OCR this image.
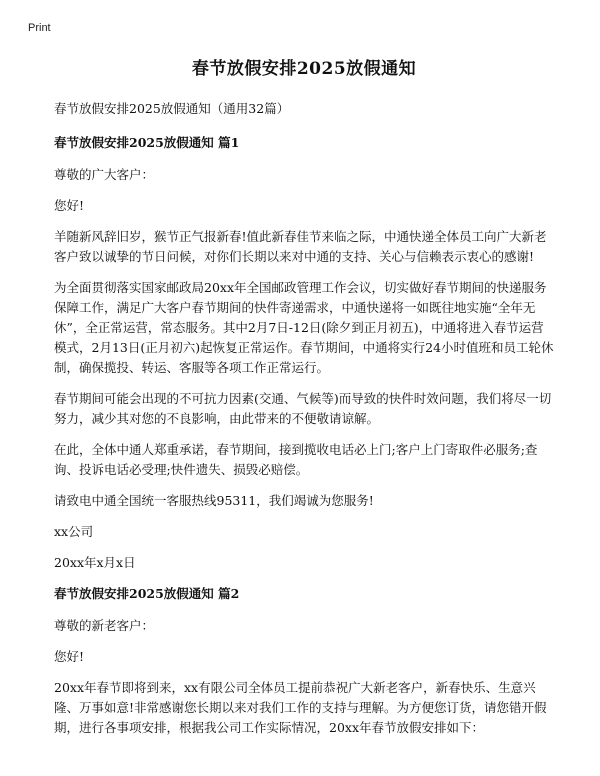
Print
春节放假安排2025放假通知
春节放假安排2025放假通知（通用32篇）
春节放假安排2025放假通知 篇1
尊敬的广大客户：
您好!
羊随新风辞旧岁，猴节正气报新春!值此新春佳节来临之际，中通快递全体员工向广大新老客户致以诚挚的节日问候，对你们长期以来对中通的支持、关心与信赖表示衷心的感谢!
为全面贯彻落实国家邮政局20xx年全国邮政管理工作会议，切实做好春节期间的快递服务保障工作，满足广大客户春节期间的快件寄递需求，中通快递将一如既往地实施“全年无休”，全正常运营，常态服务。其中2月7日-12日(除夕到正月初五)，中通将进入春节运营模式，2月13日(正月初六)起恢复正常运作。春节期间，中通将实行24小时值班和员工轮休制，确保揽投、转运、客服等各项工作正常运行。
春节期间可能会出现的不可抗力因素(交通、气候等)而导致的快件时效问题，我们将尽一切努力，减少其对您的不良影响，由此带来的不便敬请谅解。
在此，全体中通人郑重承诺，春节期间，接到揽收电话必上门;客户上门寄取件必服务;查询、投诉电话必受理;快件遗失、损毁必赔偿。
请致电中通全国统一客服热线95311，我们竭诚为您服务!
xx公司
20xx年x月x日
春节放假安排2025放假通知 篇2
尊敬的新老客户：
您好!
20xx年春节即将到来，xx有限公司全体员工提前恭祝广大新老客户，新春快乐、生意兴隆、万事如意!非常感谢您长期以来对我们工作的支持与理解。为方便您订货，请您错开假期，进行各事项安排，根据我公司工作实际情况，20xx年春节放假安排如下：
